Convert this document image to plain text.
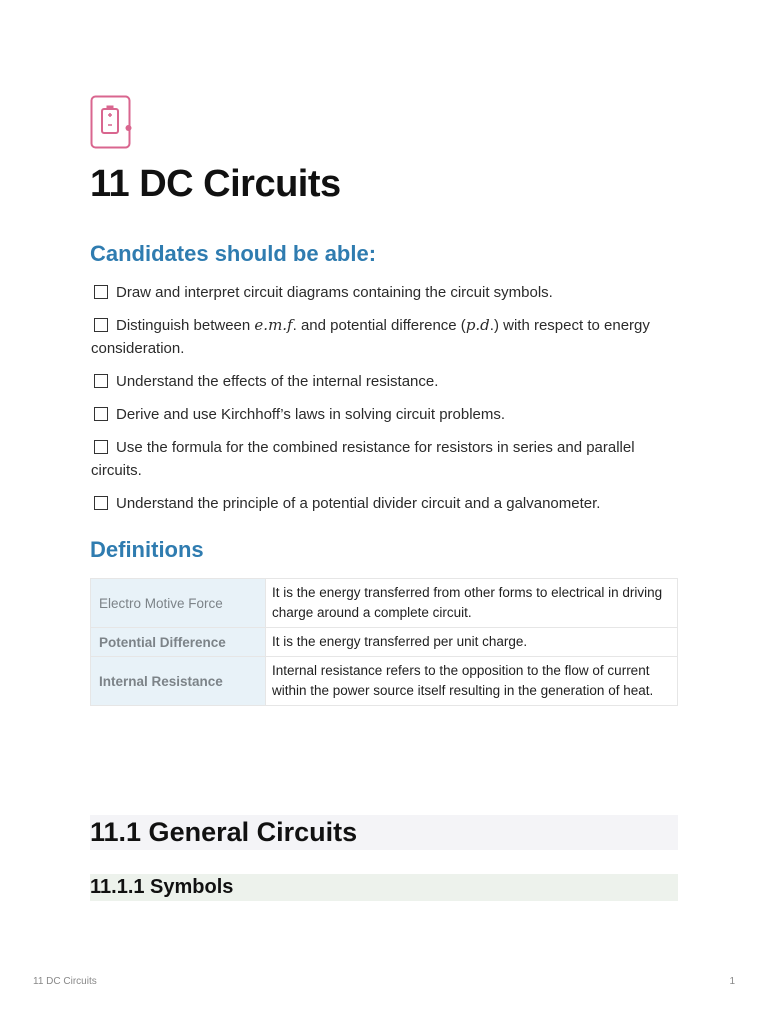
11 DC Circuits
Candidates should be able:
Draw and interpret circuit diagrams containing the circuit symbols.
Distinguish between e.m.f. and potential difference (p.d.) with respect to energy consideration.
Understand the effects of the internal resistance.
Derive and use Kirchhoff’s laws in solving circuit problems.
Use the formula for the combined resistance for resistors in series and parallel circuits.
Understand the principle of a potential divider circuit and a galvanometer.
Definitions
Electro Motive Force	It is the energy transferred from other forms to electrical in driving charge around a complete circuit.
Potential Difference	It is the energy transferred per unit charge.
Internal Resistance	Internal resistance refers to the opposition to the flow of current within the power source itself resulting in the generation of heat.
11.1 General Circuits
11.1.1 Symbols
11 DC Circuits	1
